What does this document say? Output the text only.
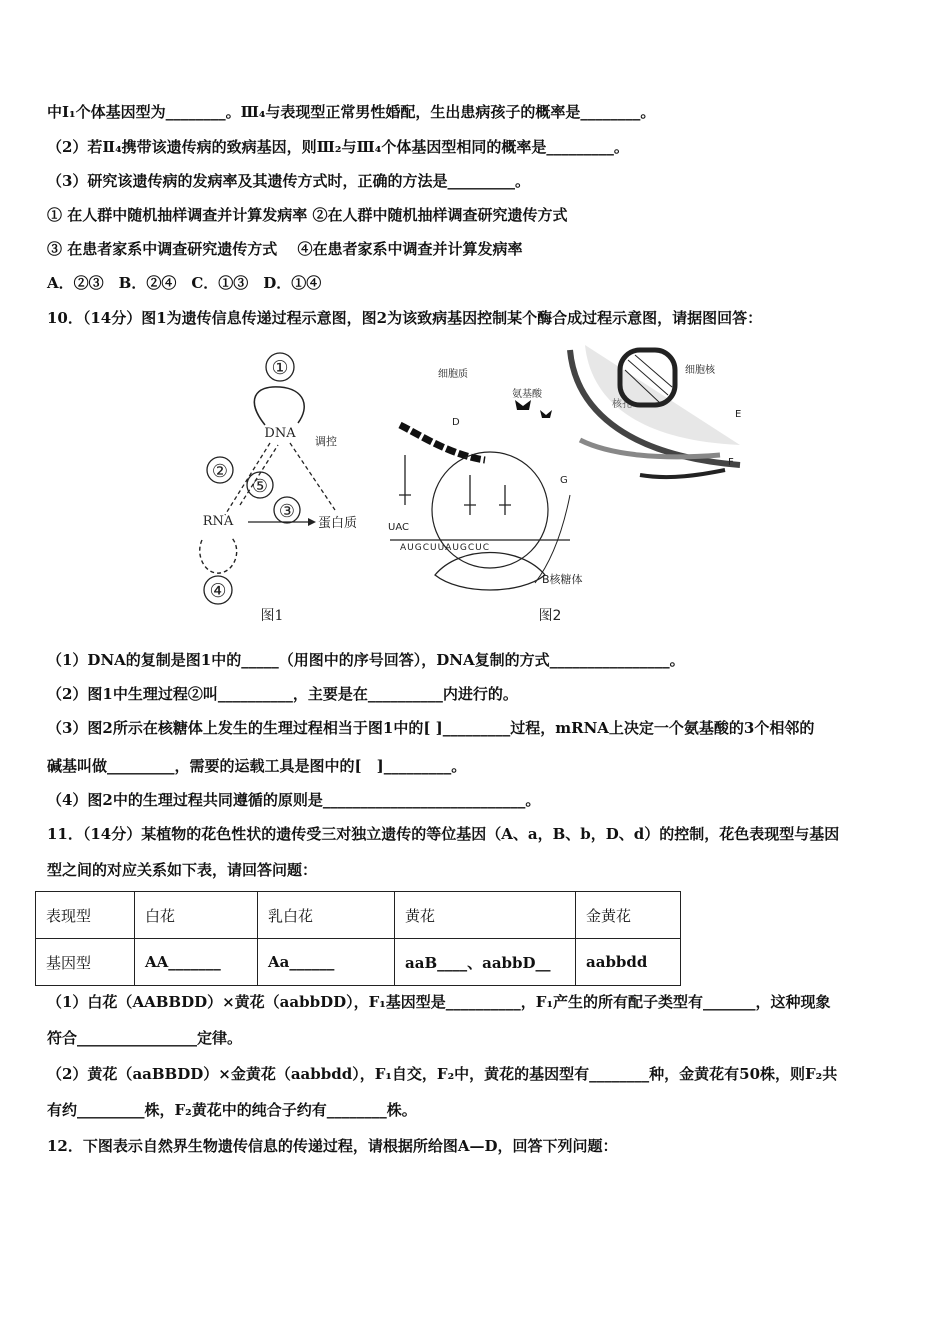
中Ⅰ₁个体基因型为________。Ⅲ₄与表现型正常男性婚配，生出患病孩子的概率是________。
（2）若Ⅱ₄携带该遗传病的致病基因，则Ⅲ₂与Ⅲ₄个体基因型相同的概率是_________。
（3）研究该遗传病的发病率及其遗传方式时，正确的方法是_________。
① 在人群中随机抽样调查并计算发病率 ②在人群中随机抽样调查研究遗传方式
③ 在患者家系中调查研究遗传方式　 ④在患者家系中调查并计算发病率
A．②③　B．②④　C．①③　D．①④
10．（14分）图1为遗传信息传递过程示意图，图2为该致病基因控制某个酶合成过程示意图，请据图回答：
①
DNA
②
⑤
③
调控
RNA	蛋白质
④
图1
细胞质
氨基酸
细胞核
核孔
E
F
D
G
AUGCUUAUGCUC
UAC
B核糖体
图2
（1）DNA的复制是图1中的_____（用图中的序号回答），DNA复制的方式________________。
（2）图1中生理过程②叫__________，主要是在__________内进行的。
（3）图2所示在核糖体上发生的生理过程相当于图1中的[ ]_________过程，mRNA上决定一个氨基酸的3个相邻的
碱基叫做_________，需要的运载工具是图中的[　]_________。
（4）图2中的生理过程共同遵循的原则是___________________________。
11．（14分）某植物的花色性状的遗传受三对独立遗传的等位基因（A、a，B、b，D、d）的控制，花色表现型与基因
型之间的对应关系如下表，请回答问题：
表现型	白花	乳白花	黄花	金黄花
基因型	AA_______	Aa______	aaB____、aabbD__	aabbdd
（1）白花（AABBDD）×黄花（aabbDD），F₁基因型是__________，F₁产生的所有配子类型有_______，这种现象
符合________________定律。
（2）黄花（aaBBDD）×金黄花（aabbdd），F₁自交，F₂中，黄花的基因型有________种，金黄花有50株，则F₂共
有约_________株，F₂黄花中的纯合子约有________株。
12．下图表示自然界生物遗传信息的传递过程，请根据所给图A—D，回答下列问题：
